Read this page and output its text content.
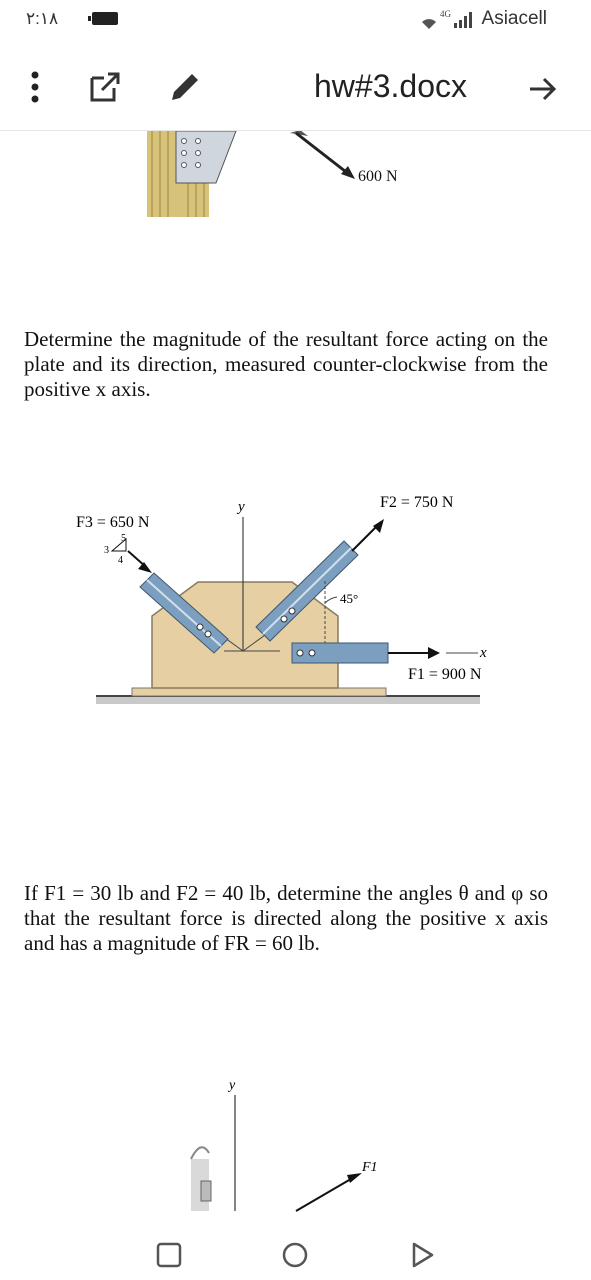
٢:١٨	4G Asiacell
hw#3.docx
600 N
Determine the magnitude of the resultant force acting on the plate and its direction, measured counter-clockwise from the positive x axis.
y
F3 = 650 N
5
3
4
F2 = 750 N
45°
x
F1 = 900 N
If F1 = 30 lb and F2 = 40 lb, determine the angles θ and φ so that the resultant force is directed along the positive x axis and has a magnitude of FR = 60 lb.
y
F1
